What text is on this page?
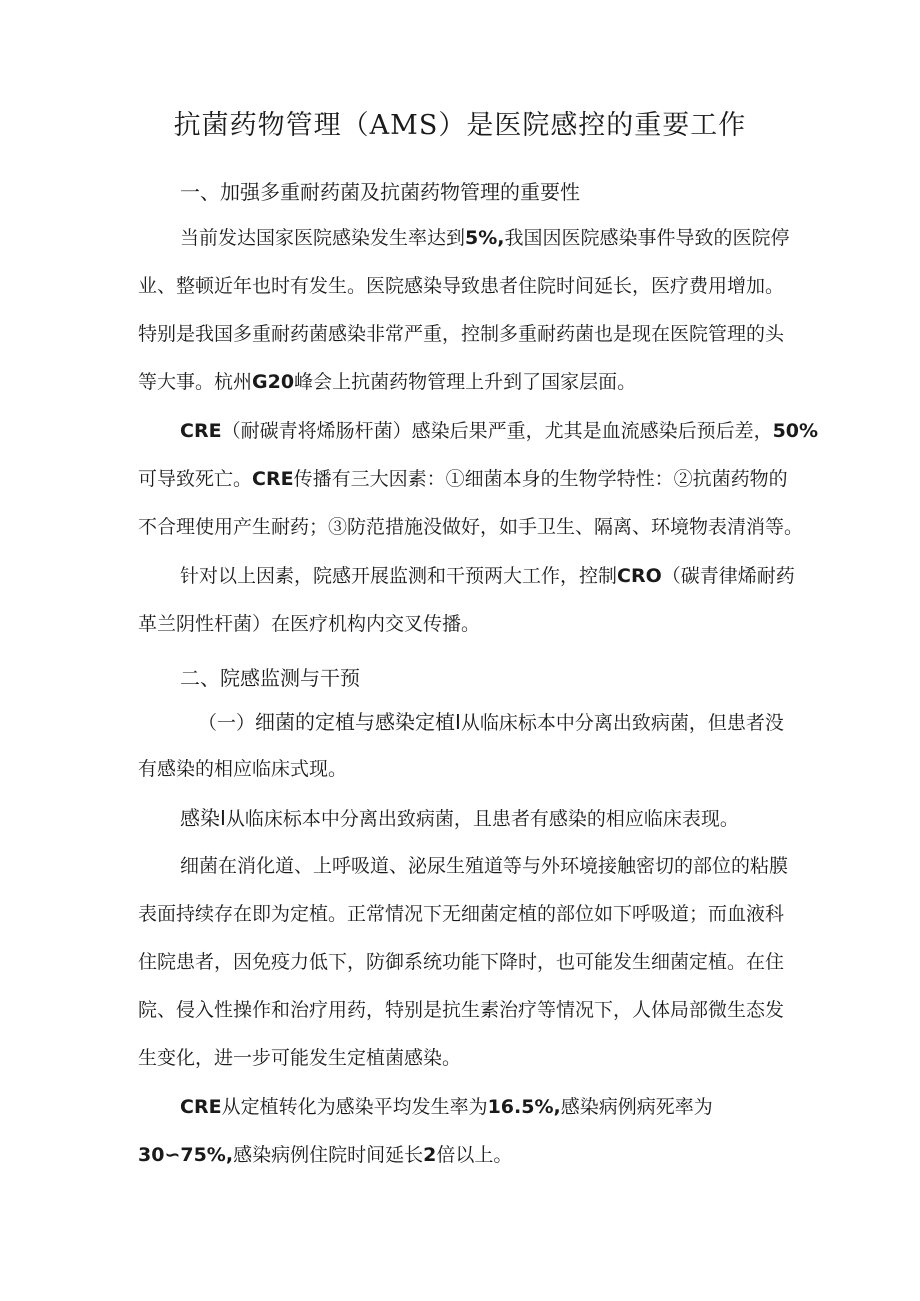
抗菌药物管理（AMS）是医院感控的重要工作
一、加强多重耐药菌及抗菌药物管理的重要性
当前发达国家医院感染发生率达到5%,我国因医院感染事件导致的医院停
业、整顿近年也时有发生。医院感染导致患者住院时间延长，医疗费用增加。
特别是我国多重耐药菌感染非常严重，控制多重耐药菌也是现在医院管理的头
等大事。杭州G20峰会上抗菌药物管理上升到了国家层面。
CRE（耐碳青将烯肠杆菌）感染后果严重，尤其是血流感染后预后差，50%
可导致死亡。CRE传播有三大因素：①细菌本身的生物学特性：②抗菌药物的
不合理使用产生耐药；③防范措施没做好，如手卫生、隔离、环境物表清消等。
针对以上因素，院感开展监测和干预两大工作，控制CRO（碳青律烯耐药
革兰阴性杆菌）在医疗机构内交叉传播。
二、院感监测与干预
（一）细菌的定植与感染定植I从临床标本中分离出致病菌，但患者没
有感染的相应临床式现。
感染I从临床标本中分离出致病菌，且患者有感染的相应临床表现。
细菌在消化道、上呼吸道、泌尿生殖道等与外环境接触密切的部位的粘膜
表面持续存在即为定植。正常情况下无细菌定植的部位如下呼吸道；而血液科
住院患者，因免疫力低下，防御系统功能下降时，也可能发生细菌定植。在住
院、侵入性操作和治疗用药，特别是抗生素治疗等情况下，人体局部微生态发
生变化，进一步可能发生定植菌感染。
CRE从定植转化为感染平均发生率为16.5%,感染病例病死率为
30∽75%,感染病例住院时间延长2倍以上。
